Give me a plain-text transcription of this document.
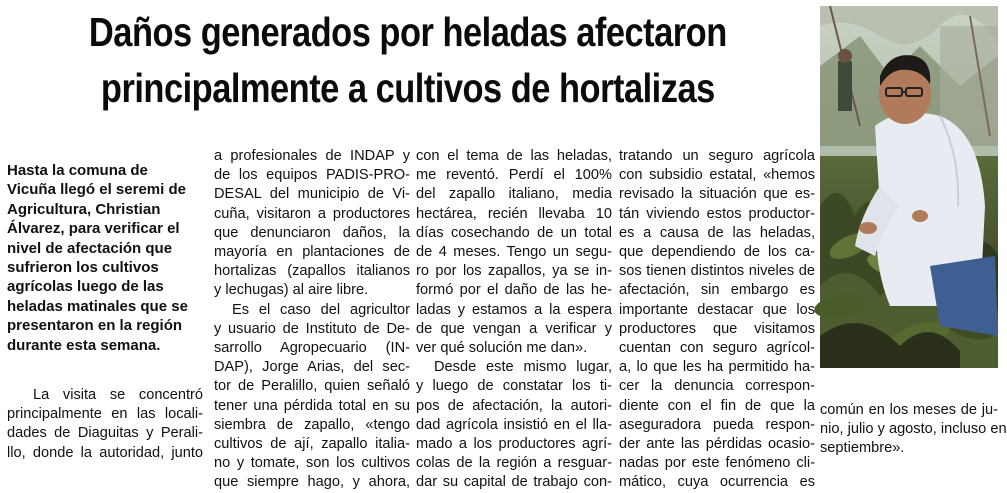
Daños generados por heladas afectaron
principalmente a cultivos de hortalizas
Hasta la comuna de
Vicuña llegó el seremi de
Agricultura, Christian
Álvarez, para verificar el
nivel de afectación que
sufrieron los cultivos
agrícolas luego de las
heladas matinales que se
presentaron en la región
durante esta semana.
La visita se concentró
principalmente en las locali-
dades de Diaguitas y Perali-
llo, donde la autoridad, junto
a profesionales de INDAP y
de los equipos PADIS-PRO-
DESAL del municipio de Vi-
cuña, visitaron a productores
que denunciaron daños, la
mayoría en plantaciones de
hortalizas (zapallos italianos
y lechugas) al aire libre.
Es el caso del agricultor
y usuario de Instituto de De-
sarrollo Agropecuario (IN-
DAP), Jorge Arias, del sec-
tor de Peralillo, quien señaló
tener una pérdida total en su
siembra de zapallo, «tengo
cultivos de ají, zapallo italia-
no y tomate, son los cultivos
que siempre hago, y ahora,
con el tema de las heladas,
me reventó. Perdí el 100%
del zapallo italiano, media
hectárea, recién llevaba 10
días cosechando de un total
de 4 meses. Tengo un segu-
ro por los zapallos, ya se in-
formó por el daño de las he-
ladas y estamos a la espera
de que vengan a verificar y
ver qué solución me dan».
Desde este mismo lugar,
y luego de constatar los ti-
pos de afectación, la autori-
dad agrícola insistió en el lla-
mado a los productores agrí-
colas de la región a resguar-
dar su capital de trabajo con-
tratando un seguro agrícola
con subsidio estatal, «hemos
revisado la situación que es-
tán viviendo estos productor-
es a causa de las heladas,
que dependiendo de los ca-
sos tienen distintos niveles de
afectación, sin embargo es
importante destacar que los
productores que visitamos
cuentan con seguro agrícol-
a, lo que les ha permitido ha-
cer la denuncia correspon-
diente con el fin de que la
aseguradora pueda respon-
der ante las pérdidas ocasio-
nadas por este fenómeno cli-
mático, cuya ocurrencia es
común en los meses de ju-
nio, julio y agosto, incluso en
septiembre».
